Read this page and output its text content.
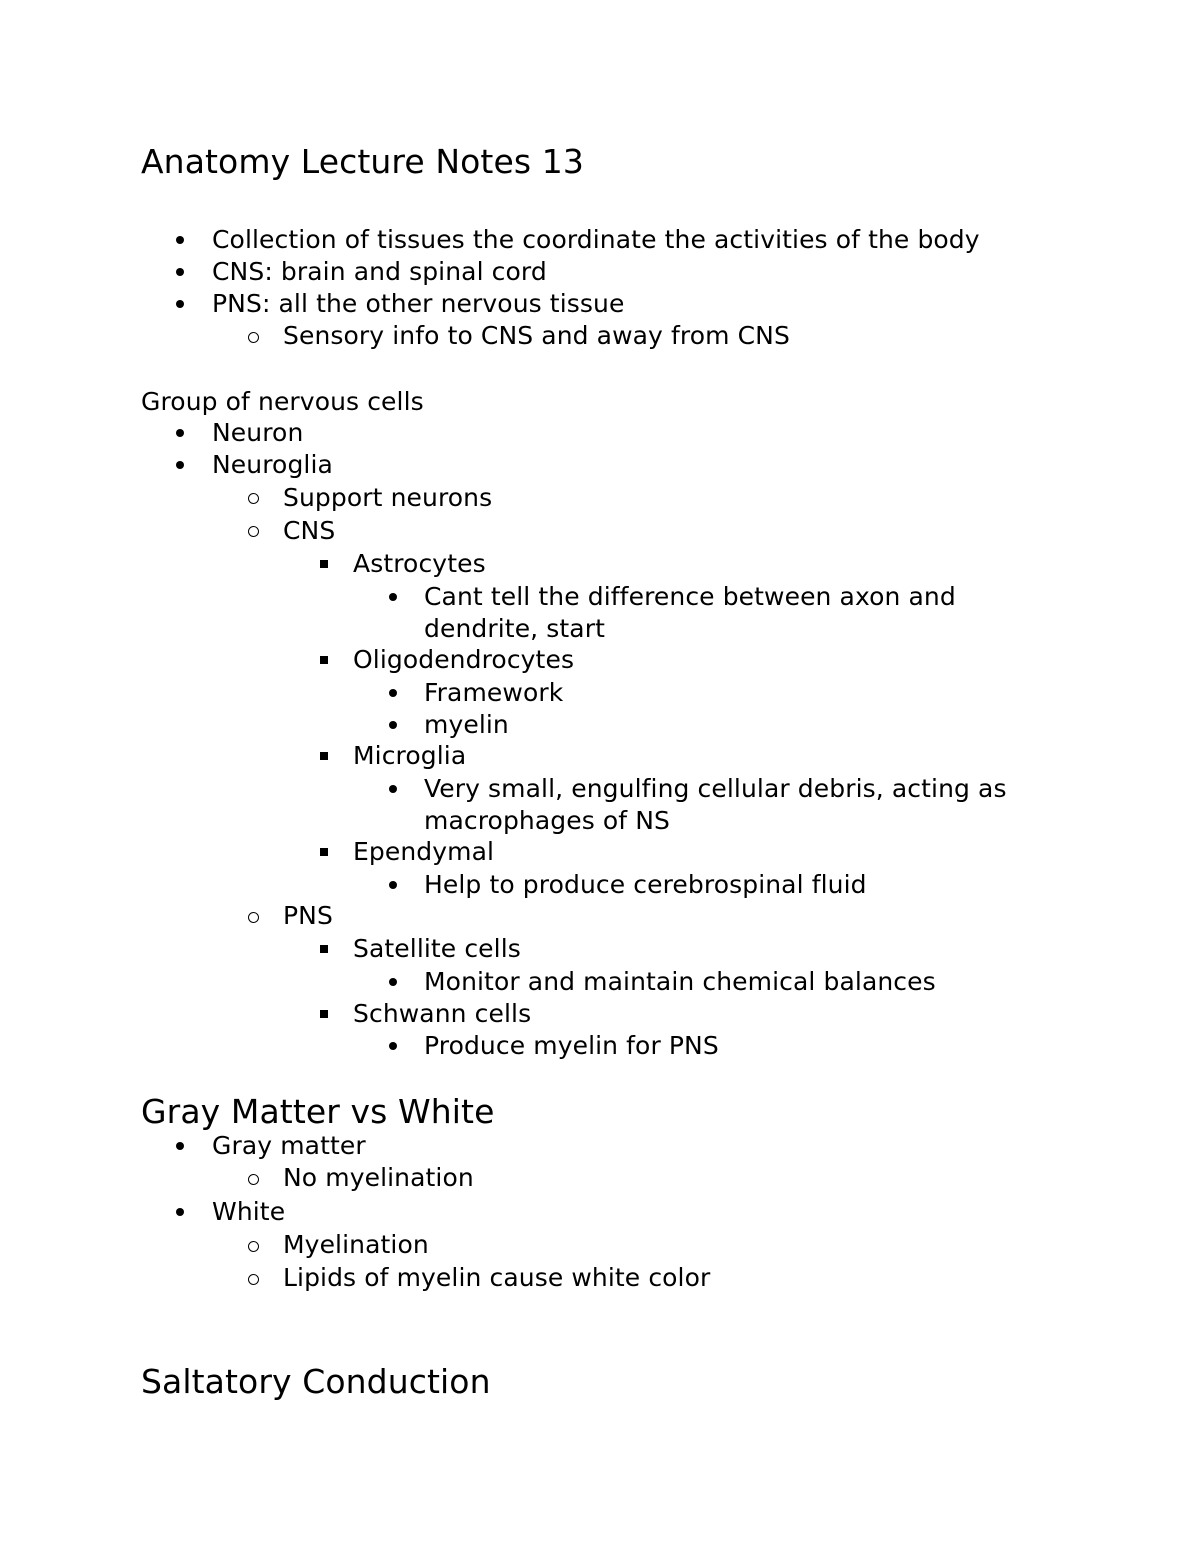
Anatomy Lecture Notes 13
Collection of tissues the coordinate the activities of the body
CNS: brain and spinal cord
PNS: all the other nervous tissue
Sensory info to CNS and away from CNS
Group of nervous cells
Neuron
Neuroglia
Support neurons
CNS
Astrocytes
Cant tell the difference between axon and
dendrite, start
Oligodendrocytes
Framework
myelin
Microglia
Very small, engulfing cellular debris, acting as
macrophages of NS
Ependymal
Help to produce cerebrospinal fluid
PNS
Satellite cells
Monitor and maintain chemical balances
Schwann cells
Produce myelin for PNS
Gray Matter vs White
Gray matter
No myelination
White
Myelination
Lipids of myelin cause white color
Saltatory Conduction
